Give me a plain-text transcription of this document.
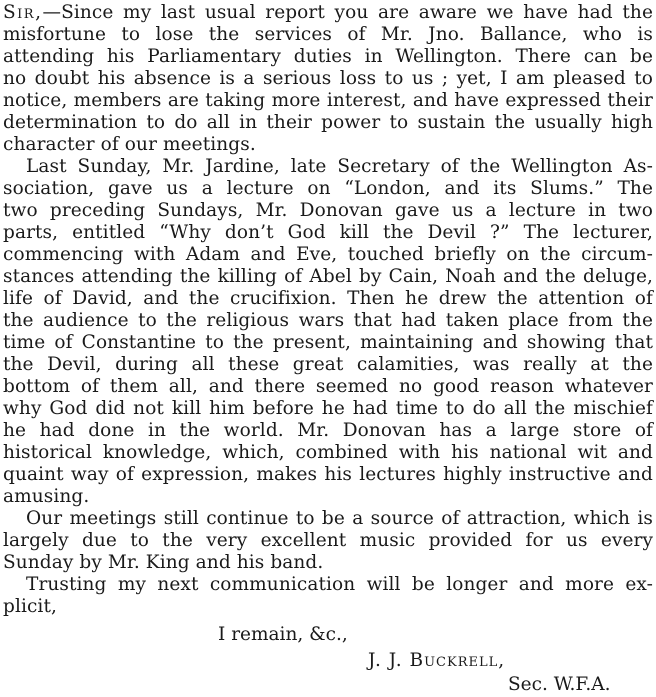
Sir,—Since my last usual report you are aware we have had the
misfortune to lose the services of Mr. Jno. Ballance, who is
attending his Parliamentary duties in Wellington. There can be
no doubt his absence is a serious loss to us ; yet, I am pleased to
notice, members are taking more interest, and have expressed their
determination to do all in their power to sustain the usually high
character of our meetings.
Last Sunday, Mr. Jardine, late Secretary of the Wellington As-
sociation, gave us a lecture on “London, and its Slums.” The
two preceding Sundays, Mr. Donovan gave us a lecture in two
parts, entitled “Why don’t God kill the Devil ?” The lecturer,
commencing with Adam and Eve, touched briefly on the circum-
stances attending the killing of Abel by Cain, Noah and the deluge,
life of David, and the crucifixion. Then he drew the attention of
the audience to the religious wars that had taken place from the
time of Constantine to the present, maintaining and showing that
the Devil, during all these great calamities, was really at the
bottom of them all, and there seemed no good reason whatever
why God did not kill him before he had time to do all the mischief
he had done in the world. Mr. Donovan has a large store of
historical knowledge, which, combined with his national wit and
quaint way of expression, makes his lectures highly instructive and
amusing.
Our meetings still continue to be a source of attraction, which is
largely due to the very excellent music provided for us every
Sunday by Mr. King and his band.
Trusting my next communication will be longer and more ex-
plicit,
I remain, &c.,
J. J. Buckrell,
Sec. W.F.A.
